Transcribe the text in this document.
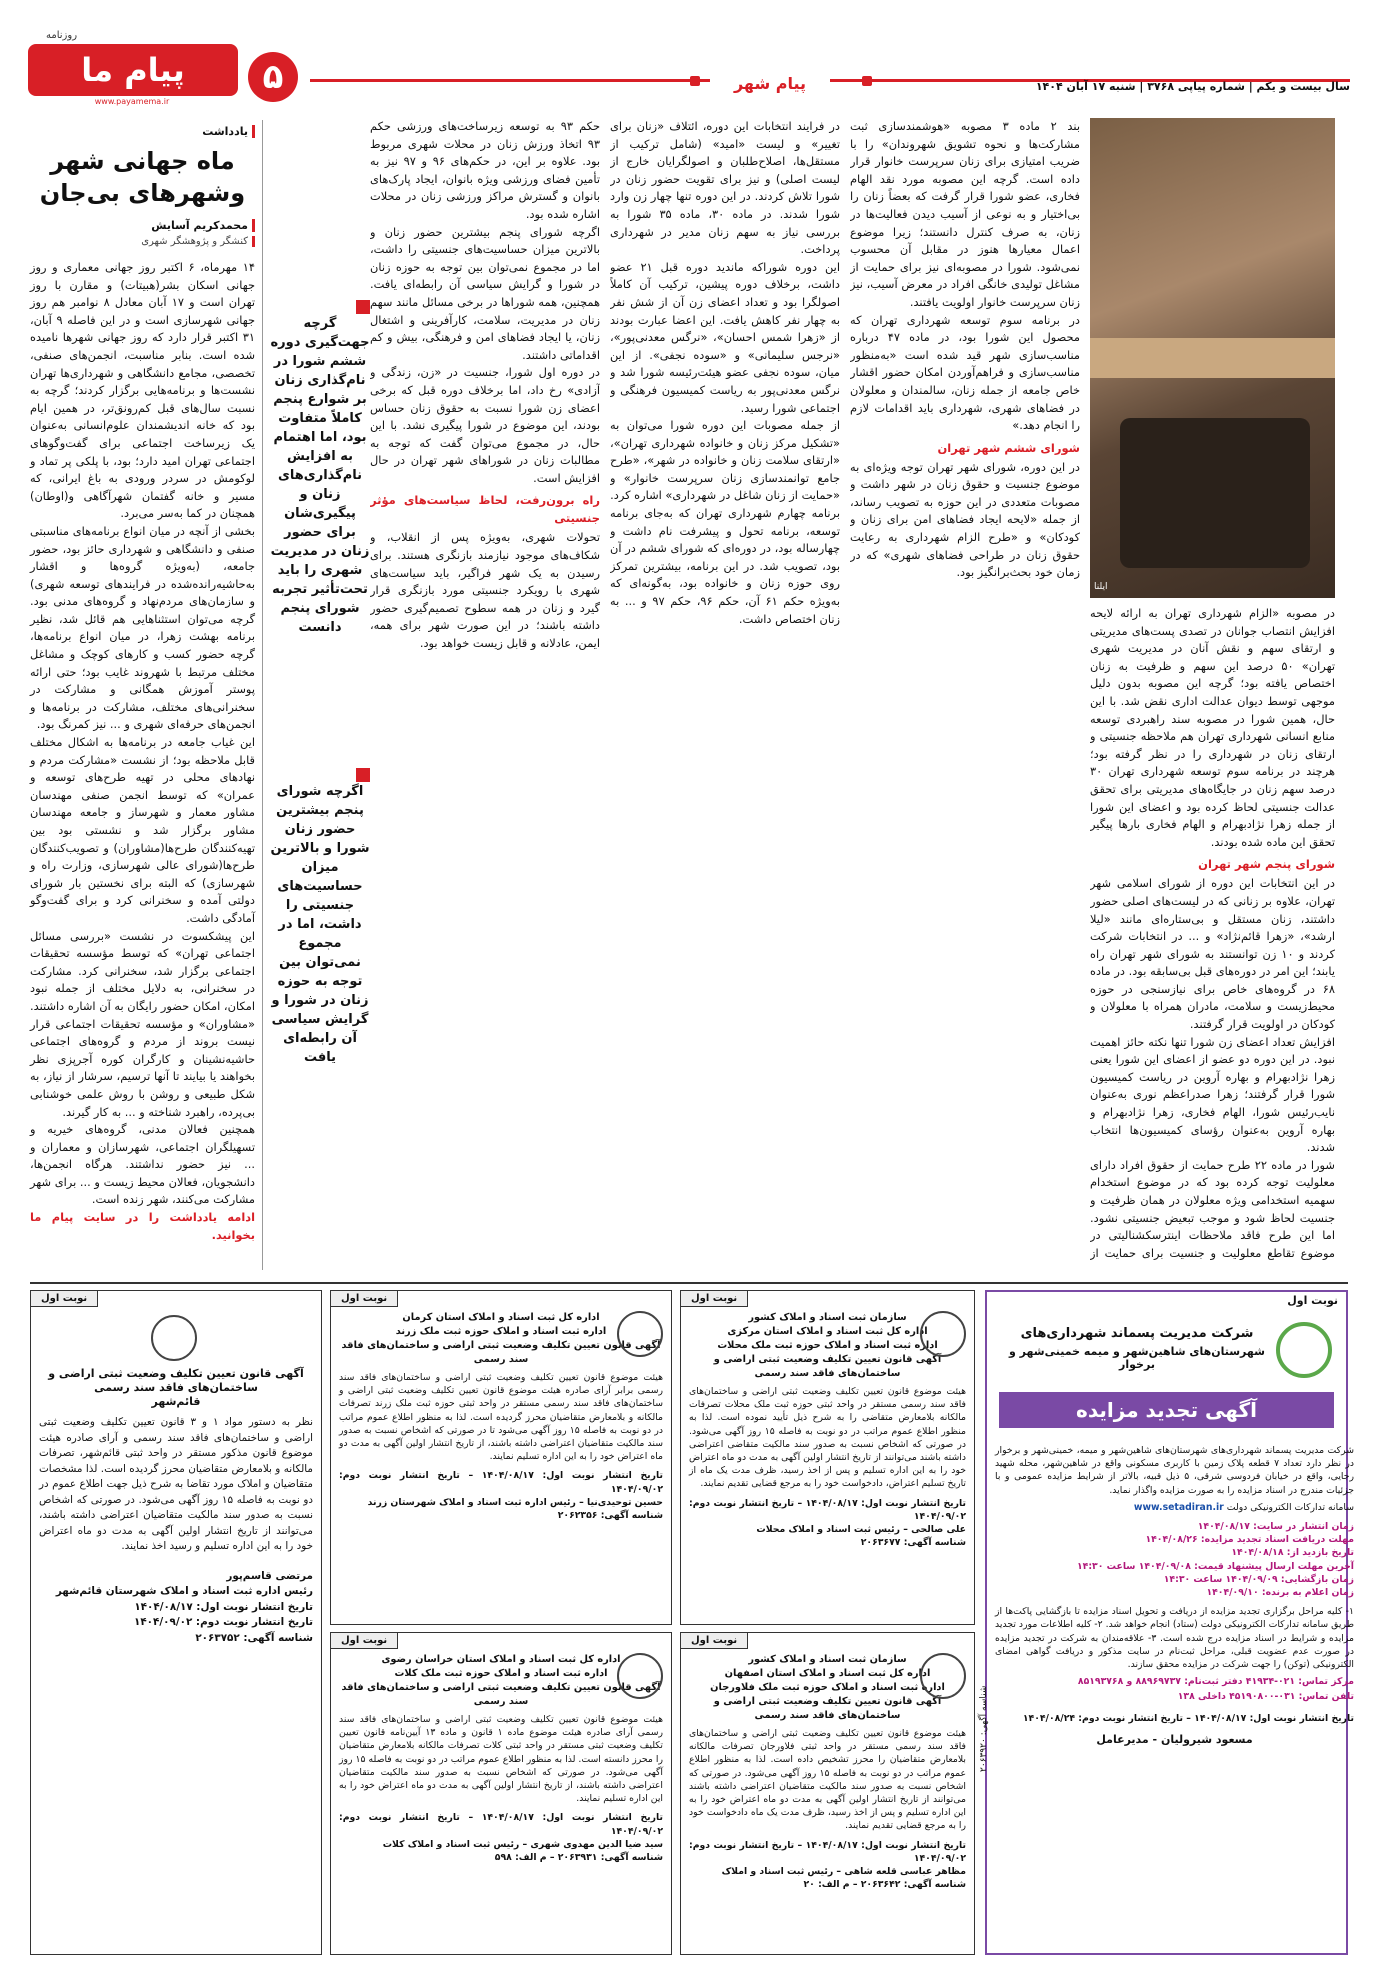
پیام ما
روزنامه
www.payamema.ir
۵	پیام شهر	سال بیست و یکم | شماره پیاپی ۳۷۶۸ | شنبه ۱۷ آبان ۱۴۰۴
یادداشت
ماه جهانی شهر
وشهرهای بی‌جان
محمدکریم آسایش
کنشگر و پژوهشگر شهری

۱۴ مهرماه، ۶ اکتبر روز جهانی معماری و روز جهانی اسکان بشر(هبیتات) و مقارن با روز تهران است و ۱۷ آبان معادل ۸ نوامبر هم روز جهانی شهرسازی است و در این فاصله ۹ آبان، ۳۱ اکتبر قرار دارد که روز جهانی شهرها نامیده شده است. بنابر مناسبت، انجمن‌های صنفی، تخصصی، مجامع دانشگاهی و شهرداری‌ها تهران نشست‌ها و برنامه‌هایی برگزار کردند؛ گرچه به نسبت سال‌های قبل کم‌رونق‌تر، در همین ایام بود که خانه اندیشمندان علوم‌انسانی به‌عنوان یک زیرساخت اجتماعی برای گفت‌وگوهای اجتماعی تهران امید دارد؛ بود، با پلکی پر تماد و لوکومش در سردر ورودی به باغ ایرانی، که مسیر و خانه گفتمان شهرآگاهی و(اوطان) همچنان در کما به‌سر می‌برد.

بخشی از آنچه در میان انواع برنامه‌های مناسبتی صنفی و دانشگاهی و شهرداری حائز بود، حضور جامعه، (به‌ویژه گروه‌ها و اقشار به‌حاشیه‌رانده‌شده در فرایندهای توسعه شهری) و سازمان‌های مردم‌نهاد و گروه‌های مدنی بود. گرچه می‌توان استثناهایی هم قائل شد، نظیر برنامه بهشت زهرا، در میان انواع برنامه‌ها، گرچه حضور کسب و کارهای کوچک و مشاغل مختلف مرتبط با شهروند غایب بود؛ حتی ارائه پوستر آموزش همگانی و مشارکت در سخنرانی‌های مختلف، مشارکت در برنامه‌ها و انجمن‌های حرفه‌ای شهری و ... نیز کمرنگ بود.

این غیاب جامعه در برنامه‌ها به اشکال مختلف قابل ملاحظه بود؛ از نشست «مشارکت مردم و نهادهای محلی در تهیه طرح‌های توسعه و عمران» که توسط انجمن صنفی مهندسان مشاور معمار و شهرساز و جامعه مهندسان مشاور برگزار شد و نشستی بود بین تهیه‌کنندگان طرح‌ها(مشاوران) و تصویب‌کنندگان طرح‌ها(شورای عالی شهرسازی، وزارت راه و شهرسازی) که البته برای نخستین بار شورای دولتی آمده و سخنرانی کرد و برای گفت‌وگو آمادگی داشت.

این پیشکسوت در نشست «بررسی مسائل اجتماعی تهران» که توسط مؤسسه تحقیقات اجتماعی برگزار شد، سخنرانی کرد. مشارکت در سخنرانی، به دلایل مختلف از جمله نبود امکان، امکان حضور رایگان به آن اشاره داشتند. «مشاوران» و مؤسسه تحقیقات اجتماعی قرار نیست بروند از مردم و گروه‌های اجتماعی حاشیه‌نشینان و کارگران کوره آجرپزی نظر بخواهند یا بیایند تا آنها ترسیم، سرشار از نیاز، به شکل طبیعی و روشن با روش علمی خوشنابی بی‌پرده، راهبرد شناخته و ... به کار گیرند.

همچنین فعالان مدنی، گروه‌های خیریه و تسهیلگران اجتماعی، شهرسازان و معماران و ... نیز حضور نداشتند. هرگاه انجمن‌ها، دانشجویان، فعالان محیط زیست و ... برای شهر مشارکت می‌کنند، شهر زنده است.

ادامه یادداشت را در سایت پیام ما بخوانید.

گرچه جهت‌گیری دوره ششم شورا در نام‌گذاری زنان بر شوارع پنجم کاملاً متفاوت بود، اما اهتمام به افزایش نام‌گذاری‌های زنان و پیگیری‌شان برای حضور زنان در مدیریت شهری را باید تحت‌تأثیر تجربه شورای پنجم دانست
اگرچه شورای پنجم بیشترین حضور زنان شورا و بالاترین میزان حساسیت‌های جنسیتی را داشت، اما در مجموع نمی‌توان بین توجه به حوزه زنان در شورا و گرایش سیاسی آن رابطه‌ای یافت

حکم ۹۳ به توسعه زیرساخت‌های ورزشی حکم ۹۳ اتخاذ ورزش زنان در محلات شهری مربوط بود. علاوه بر این، در حکم‌های ۹۶ و ۹۷ نیز به تأمین فضای ورزشی ویژه بانوان، ایجاد پارک‌های بانوان و گسترش مراکز ورزشی زنان در محلات اشاره شده بود.

اگرچه شورای پنجم بیشترین حضور زنان و بالاترین میزان حساسیت‌های جنسیتی را داشت، اما در مجموع نمی‌توان بین توجه به حوزه زنان در شورا و گرایش سیاسی آن رابطه‌ای یافت. همچنین، همه شوراها در برخی مسائل مانند سهم زنان در مدیریت، سلامت، کارآفرینی و اشتغال زنان، یا ایجاد فضاهای امن و فرهنگی، بیش و کم اقداماتی داشتند.

در دوره اول شورا، جنسیت در «زن، زندگی و آزادی» رخ داد، اما برخلاف دوره قبل که برخی اعضای زن شورا نسبت به حقوق زنان حساس بودند، این موضوع در شورا پیگیری نشد. با این حال، در مجموع می‌توان گفت که توجه به مطالبات زنان در شوراهای شهر تهران در حال افزایش است.

راه برون‌رفت، لحاظ سیاست‌های مؤثر جنسیتی

تحولات شهری، به‌ویژه پس از انقلاب، و شکاف‌های موجود نیازمند بازنگری هستند. برای رسیدن به یک شهر فراگیر، باید سیاست‌های شهری با رویکرد جنسیتی مورد بازنگری قرار گیرد و زنان در همه سطوح تصمیم‌گیری حضور داشته باشند؛ در این صورت شهر برای همه، ایمن، عادلانه و قابل زیست خواهد بود.

در فرایند انتخابات این دوره، ائتلاف «زنان برای تغییر» و لیست «امید» (شامل ترکیب از مستقل‌ها، اصلاح‌طلبان و اصولگرایان خارج از لیست اصلی) و نیز برای تقویت حضور زنان در شورا تلاش کردند. در این دوره تنها چهار زن وارد شورا شدند. در ماده ۳۰، ماده ۳۵ شورا به بررسی نیاز به سهم زنان مدیر در شهرداری پرداخت.

این دوره شوراکه ماندید دوره قبل ۲۱ عضو داشت، برخلاف دوره پیشین، ترکیب آن کاملاً اصولگرا بود و تعداد اعضای زن آن از شش نفر به چهار نفر کاهش یافت. این اعضا عبارت بودند از «زهرا شمس احسان»، «نرگس معدنی‌پور»، «نرجس سلیمانی» و «سوده نجفی». از این میان، سوده نجفی عضو هیئت‌رئیسه شورا شد و نرگس معدنی‌پور به ریاست کمیسیون فرهنگی و اجتماعی شورا رسید.

از جمله مصوبات این دوره شورا می‌توان به «تشکیل مرکز زنان و خانواده شهرداری تهران»، «ارتقای سلامت زنان و خانواده در شهر»، «طرح جامع توانمندسازی زنان سرپرست خانوار» و «حمایت از زنان شاغل در شهرداری» اشاره کرد.

برنامه چهارم شهرداری تهران که به‌جای برنامه توسعه، برنامه تحول و پیشرفت نام داشت و چهارساله بود، در دوره‌ای که شورای ششم در آن بود، تصویب شد. در این برنامه، بیشترین تمرکز روی حوزه زنان و خانواده بود، به‌گونه‌ای که به‌ویژه حکم ۶۱ آن، حکم ۹۶، حکم ۹۷ و ... به زنان اختصاص داشت.

بند ۲ ماده ۳ مصوبه «هوشمندسازی ثبت مشارکت‌ها و نحوه تشویق شهروندان» را با ضریب امتیازی برای زنان سرپرست خانوار قرار داده است. گرچه این مصوبه مورد نقد الهام فخاری، عضو شورا قرار گرفت که بعضاً زنان را بی‌اختیار و به نوعی از آسیب دیدن فعالیت‌ها در زنان، به صرف کنترل دانستند؛ زیرا موضوع اعمال معیارها هنوز در مقابل آن محسوب نمی‌شود. شورا در مصوبه‌ای نیز برای حمایت از مشاغل تولیدی خانگی افراد در معرض آسیب، نیز زنان سرپرست خانوار اولویت یافتند.

در برنامه سوم توسعه شهرداری تهران که محصول این شورا بود، در ماده ۴۷ درباره مناسب‌سازی شهر قید شده است «به‌منظور مناسب‌سازی و فراهم‌آوردن امکان حضور اقشار خاص جامعه از جمله زنان، سالمندان و معلولان در فضاهای شهری، شهرداری باید اقدامات لازم را انجام دهد.»

شورای ششم شهر تهران

در این دوره، شورای شهر تهران توجه ویژه‌ای به موضوع جنسیت و حقوق زنان در شهر داشت و مصوبات متعددی در این حوزه به تصویب رساند، از جمله «لایحه ایجاد فضاهای امن برای زنان و کودکان» و «طرح الزام شهرداری به رعایت حقوق زنان در طراحی فضاهای شهری» که در زمان خود بحث‌برانگیز بود.

ایلنا

در مصوبه «الزام شهرداری تهران به ارائه لایحه افزایش انتصاب جوانان در تصدی پست‌های مدیریتی و ارتقای سهم و نقش آنان در مدیریت شهری تهران» ۵۰ درصد این سهم و ظرفیت به زنان اختصاص یافته بود؛ گرچه این مصوبه بدون دلیل موجهی توسط دیوان عدالت اداری نقض شد. با این حال، همین شورا در مصوبه سند راهبردی توسعه منابع انسانی شهرداری تهران هم ملاحظه جنسیتی و ارتقای زنان در شهرداری را در نظر گرفته بود؛ هرچند در برنامه سوم توسعه شهرداری تهران ۳۰ درصد سهم زنان در جایگاه‌های مدیریتی برای تحقق عدالت جنسیتی لحاظ کرده بود و اعضای این شورا از جمله زهرا نژادبهرام و الهام فخاری بارها پیگیر تحقق این ماده شده بودند.

شورای پنجم شهر تهران

در این انتخابات این دوره از شورای اسلامی شهر تهران، علاوه بر زنانی که در لیست‌های اصلی حضور داشتند، زنان مستقل و بی‌ستاره‌ای مانند «لیلا ارشد»، «زهرا قائم‌نژاد» و ... در انتخابات شرکت کردند و ۱۰ زن توانستند به شورای شهر تهران راه یابند؛ این امر در دوره‌های قبل بی‌سابقه بود. در ماده ۶۸ در گروه‌های خاص برای نیازسنجی در حوزه محیط‌زیست و سلامت، مادران همراه با معلولان و کودکان در اولویت قرار گرفتند.

افزایش تعداد اعضای زن شورا تنها نکته حائز اهمیت نبود. در این دوره دو عضو از اعضای این شورا یعنی زهرا نژادبهرام و بهاره آروین در ریاست کمیسیون شورا قرار گرفتند؛ زهرا صدراعظم نوری به‌عنوان نایب‌رئیس شورا، الهام فخاری، زهرا نژادبهرام و بهاره آروین به‌عنوان رؤسای کمیسیون‌ها انتخاب شدند.

شورا در ماده ۲۲ طرح حمایت از حقوق افراد دارای معلولیت توجه کرده بود که در موضوع استخدام سهمیه استخدامی ویژه معلولان در همان ظرفیت و جنسیت لحاظ شود و موجب تبعیض جنسیتی نشود. اما این طرح فاقد ملاحظات اینترسکشنالیتی در موضوع تقاطع معلولیت و جنسیت برای حمایت از

نوبت اول
شرکت مدیریت پسماند شهرداری‌های
شهرستان‌های شاهین‌شهر و میمه خمینی‌شهر و برخوار
آگهی تجدید مزایده
شرکت مدیریت پسماند شهرداری‌های شهرستان‌های شاهین‌شهر و میمه، خمینی‌شهر و برخوار در نظر دارد تعداد ۷ قطعه پلاک زمین با کاربری مسکونی واقع در شاهین‌شهر، محله شهید رجایی، واقع در خیابان فردوسی شرقی، ۵ ذیل قبیه، بالاتر از شرایط مزایده عمومی و با جزئیات مندرج در اسناد مزایده را به صورت مزایده واگذار نماید.
سامانه تدارکات الکترونیکی دولت www.setadiran.ir
زمان انتشار در سایت: ۱۴۰۴/۰۸/۱۷
مهلت دریافت اسناد تجدید مزایده: ۱۴۰۴/۰۸/۲۶
تاریخ بازدید از: ۱۴۰۴/۰۸/۱۸
آخرین مهلت ارسال پیشنهاد قیمت: ۱۴۰۴/۰۹/۰۸ ساعت ۱۴:۳۰
زمان بازگشایی: ۱۴۰۴/۰۹/۰۹ ساعت ۱۴:۳۰
زمان اعلام به برنده: ۱۴۰۴/۰۹/۱۰
۱- کلیه مراحل برگزاری تجدید مزایده از دریافت و تحویل اسناد مزایده تا بازگشایی پاکت‌ها از طریق سامانه تدارکات الکترونیکی دولت (ستاد) انجام خواهد شد. ۲- کلیه اطلاعات مورد تجدید مزایده و شرایط در اسناد مزایده درج شده است. ۳- علاقه‌مندان به شرکت در تجدید مزایده در صورت عدم عضویت قبلی، مراحل ثبت‌نام در سایت مذکور و دریافت گواهی امضای الکترونیکی (توکن) را جهت شرکت در مزایده محقق سازند.
مرکز تماس: ۰۲۱-۴۱۹۳۴ دفتر ثبت‌نام: ۸۸۹۶۹۷۳۷ و ۸۵۱۹۳۷۶۸
تلفن تماس: ۰۳۱-۴۵۱۹۰۸۰۰ داخلی ۱۳۸
تاریخ انتشار نوبت اول: ۱۴۰۴/۰۸/۱۷ – تاریخ انتشار نوبت دوم: ۱۴۰۴/۰۸/۲۴
مسعود شیرولیان - مدیرعامل
شناسه آگهی: ۲۰۶۳۹۲۰
نوبت اول
سازمان ثبت اسناد و املاک کشور
اداره کل ثبت اسناد و املاک استان مرکزی
اداره ثبت اسناد و املاک حوزه ثبت ملک محلات
آگهی قانون تعیین تکلیف وضعیت ثبتی اراضی و ساختمان‌های فاقد سند رسمی
هیئت موضوع قانون تعیین تکلیف وضعیت ثبتی اراضی و ساختمان‌های فاقد سند رسمی مستقر در واحد ثبتی حوزه ثبت ملک محلات تصرفات مالکانه بلامعارض متقاضی را به شرح ذیل تأیید نموده است. لذا به منظور اطلاع عموم مراتب در دو نوبت به فاصله ۱۵ روز آگهی می‌شود. در صورتی که اشخاص نسبت به صدور سند مالکیت متقاضی اعتراضی داشته باشند می‌توانند از تاریخ انتشار اولین آگهی به مدت دو ماه اعتراض خود را به این اداره تسلیم و پس از اخذ رسید، ظرف مدت یک ماه از تاریخ تسلیم اعتراض، دادخواست خود را به مرجع قضایی تقدیم نمایند.
تاریخ انتشار نوبت اول: ۱۴۰۴/۰۸/۱۷ – تاریخ انتشار نوبت دوم: ۱۴۰۴/۰۹/۰۲
علی صالحی – رئیس ثبت اسناد و املاک محلات
شناسه آگهی: ۲۰۶۳۶۷۷
نوبت اول
سازمان ثبت اسناد و املاک کشور
اداره کل ثبت اسناد و املاک استان اصفهان
اداره ثبت اسناد و املاک حوزه ثبت ملک فلاورجان
آگهی قانون تعیین تکلیف وضعیت ثبتی اراضی و ساختمان‌های فاقد سند رسمی
هیئت موضوع قانون تعیین تکلیف وضعیت ثبتی اراضی و ساختمان‌های فاقد سند رسمی مستقر در واحد ثبتی فلاورجان تصرفات مالکانه بلامعارض متقاضیان را محرز تشخیص داده است. لذا به منظور اطلاع عموم مراتب در دو نوبت به فاصله ۱۵ روز آگهی می‌شود. در صورتی که اشخاص نسبت به صدور سند مالکیت متقاضیان اعتراضی داشته باشند می‌توانند از تاریخ انتشار اولین آگهی به مدت دو ماه اعتراض خود را به این اداره تسلیم و پس از اخذ رسید، ظرف مدت یک ماه دادخواست خود را به مرجع قضایی تقدیم نمایند.
تاریخ انتشار نوبت اول: ۱۴۰۴/۰۸/۱۷ – تاریخ انتشار نوبت دوم: ۱۴۰۴/۰۹/۰۲
مظاهر عباسی قلعه شاهی – رئیس ثبت اسناد و املاک
شناسه آگهی: ۲۰۶۳۶۴۲ – م الف: ۲۰
نوبت اول
اداره کل ثبت اسناد و املاک استان کرمان
اداره ثبت اسناد و املاک حوزه ثبت ملک زرند
آگهی قانون تعیین تکلیف وضعیت ثبتی اراضی و ساختمان‌های فاقد سند رسمی
هیئت موضوع قانون تعیین تکلیف وضعیت ثبتی اراضی و ساختمان‌های فاقد سند رسمی برابر آرای صادره هیئت موضوع قانون تعیین تکلیف وضعیت ثبتی اراضی و ساختمان‌های فاقد سند رسمی مستقر در واحد ثبتی حوزه ثبت ملک زرند تصرفات مالکانه و بلامعارض متقاضیان محرز گردیده است. لذا به منظور اطلاع عموم مراتب در دو نوبت به فاصله ۱۵ روز آگهی می‌شود تا در صورتی که اشخاص نسبت به صدور سند مالکیت متقاضیان اعتراضی داشته باشند، از تاریخ انتشار اولین آگهی به مدت دو ماه اعتراض خود را به این اداره تسلیم نمایند.
تاریخ انتشار نوبت اول: ۱۴۰۴/۰۸/۱۷ – تاریخ انتشار نوبت دوم: ۱۴۰۴/۰۹/۰۲
حسین توحیدی‌نیا – رئیس اداره ثبت اسناد و املاک شهرستان زرند
شناسه آگهی: ۲۰۶۲۳۵۶
نوبت اول
اداره کل ثبت اسناد و املاک استان خراسان رضوی
اداره ثبت اسناد و املاک حوزه ثبت ملک کلات
آگهی قانون تعیین تکلیف وضعیت ثبتی اراضی و ساختمان‌های فاقد سند رسمی
هیئت موضوع قانون تعیین تکلیف وضعیت ثبتی اراضی و ساختمان‌های فاقد سند رسمی آرای صادره هیئت موضوع ماده ۱ قانون و ماده ۱۳ آیین‌نامه قانون تعیین تکلیف وضعیت ثبتی مستقر در واحد ثبتی کلات تصرفات مالکانه بلامعارض متقاضیان را محرز دانسته است. لذا به منظور اطلاع عموم مراتب در دو نوبت به فاصله ۱۵ روز آگهی می‌شود. در صورتی که اشخاص نسبت به صدور سند مالکیت متقاضیان اعتراضی داشته باشند، از تاریخ انتشار اولین آگهی به مدت دو ماه اعتراض خود را به این اداره تسلیم نمایند.
تاریخ انتشار نوبت اول: ۱۴۰۴/۰۸/۱۷ – تاریخ انتشار نوبت دوم: ۱۴۰۴/۰۹/۰۲
سید ضیا الدین مهدوی شهری – رئیس ثبت اسناد و املاک کلات
شناسه آگهی: ۲۰۶۳۹۳۱ – م الف: ۵۹۸
نوبت اول
آگهی قانون تعیین تکلیف وضعیت ثبتی اراضی و ساختمان‌های فاقد سند رسمی
قائم‌شهر
نظر به دستور مواد ۱ و ۳ قانون تعیین تکلیف وضعیت ثبتی اراضی و ساختمان‌های فاقد سند رسمی و آرای صادره هیئت موضوع قانون مذکور مستقر در واحد ثبتی قائم‌شهر، تصرفات مالکانه و بلامعارض متقاضیان محرز گردیده است. لذا مشخصات متقاضیان و املاک مورد تقاضا به شرح ذیل جهت اطلاع عموم در دو نوبت به فاصله ۱۵ روز آگهی می‌شود. در صورتی که اشخاص نسبت به صدور سند مالکیت متقاضیان اعتراضی داشته باشند، می‌توانند از تاریخ انتشار اولین آگهی به مدت دو ماه اعتراض خود را به این اداره تسلیم و رسید اخذ نمایند.
مرتضی قاسم‌پور
رئیس اداره ثبت اسناد و املاک شهرستان قائم‌شهر
تاریخ انتشار نوبت اول: ۱۴۰۴/۰۸/۱۷
تاریخ انتشار نوبت دوم: ۱۴۰۴/۰۹/۰۲
شناسه آگهی: ۲۰۶۳۷۵۲
